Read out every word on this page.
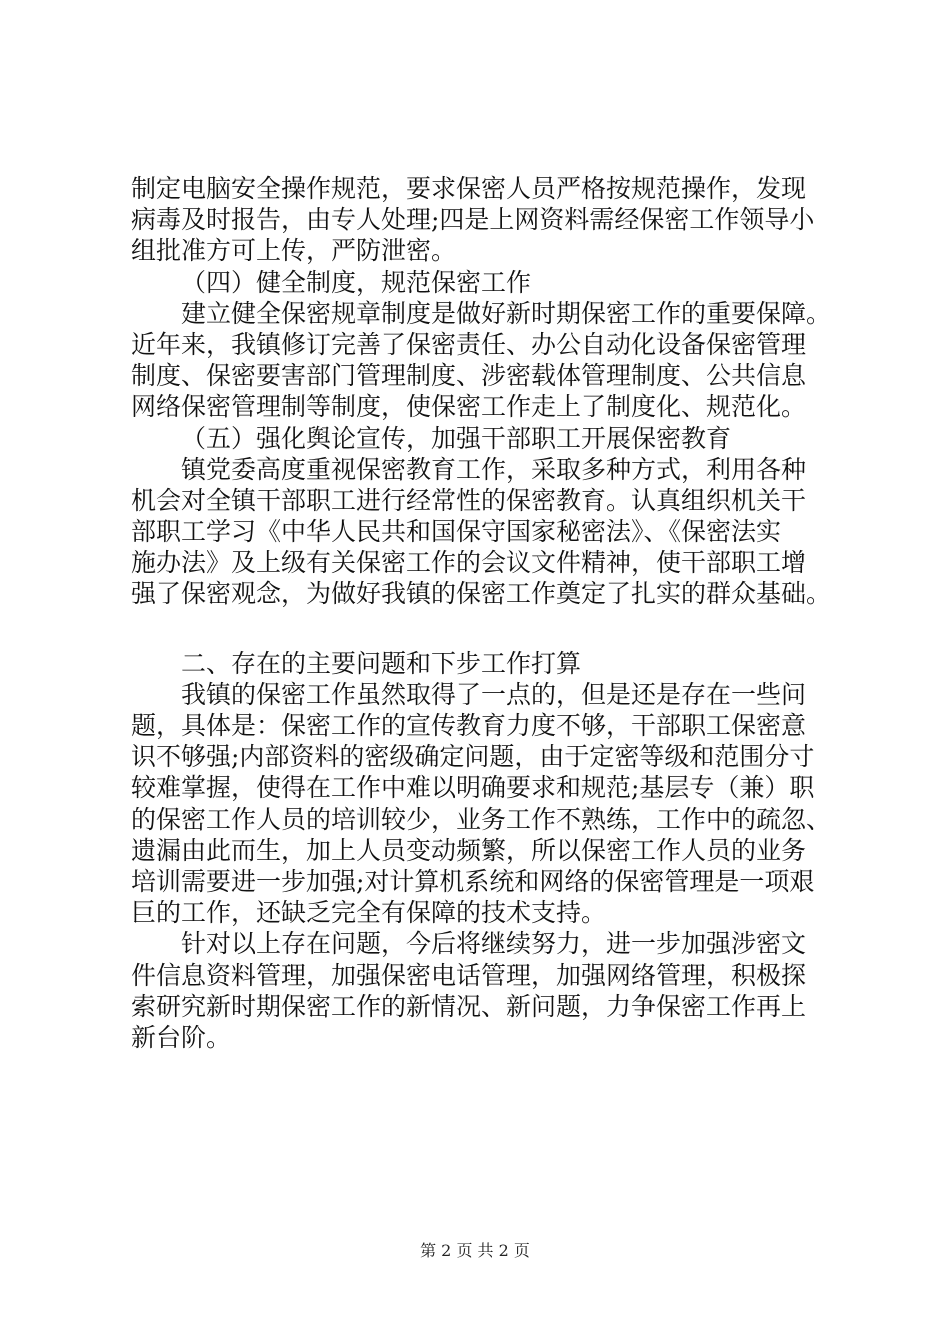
制定电脑安全操作规范，要求保密人员严格按规范操作，发现
病毒及时报告，由专人处理;四是上网资料需经保密工作领导小
组批准方可上传，严防泄密。
（四）健全制度，规范保密工作
建立健全保密规章制度是做好新时期保密工作的重要保障。
近年来，我镇修订完善了保密责任、办公自动化设备保密管理
制度、保密要害部门管理制度、涉密载体管理制度、公共信息
网络保密管理制等制度，使保密工作走上了制度化、规范化。
（五）强化舆论宣传，加强干部职工开展保密教育
镇党委高度重视保密教育工作，采取多种方式，利用各种
机会对全镇干部职工进行经常性的保密教育。认真组织机关干
部职工学习《中华人民共和国保守国家秘密法》、《保密法实
施办法》及上级有关保密工作的会议文件精神，使干部职工增
强了保密观念，为做好我镇的保密工作奠定了扎实的群众基础。
二、存在的主要问题和下步工作打算
我镇的保密工作虽然取得了一点的，但是还是存在一些问
题，具体是：保密工作的宣传教育力度不够，干部职工保密意
识不够强;内部资料的密级确定问题，由于定密等级和范围分寸
较难掌握，使得在工作中难以明确要求和规范;基层专（兼）职
的保密工作人员的培训较少，业务工作不熟练，工作中的疏忽、
遗漏由此而生，加上人员变动频繁，所以保密工作人员的业务
培训需要进一步加强;对计算机系统和网络的保密管理是一项艰
巨的工作，还缺乏完全有保障的技术支持。
针对以上存在问题，今后将继续努力，进一步加强涉密文
件信息资料管理，加强保密电话管理，加强网络管理，积极探
索研究新时期保密工作的新情况、新问题，力争保密工作再上
新台阶。
第 2 页 共 2 页
